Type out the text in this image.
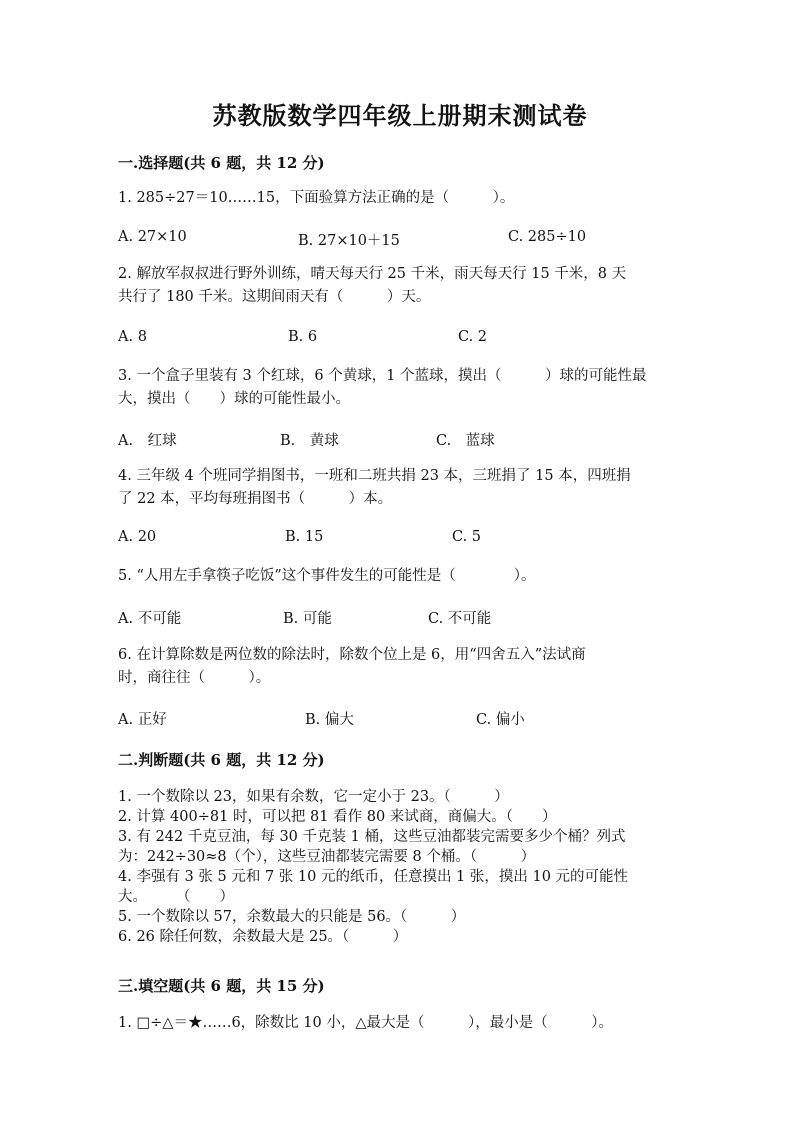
苏教版数学四年级上册期末测试卷
一.选择题(共 6 题，共 12 分)
1. 285÷27＝10……15，下面验算方法正确的是（　　　）。
A. 27×10	B. 27×10＋15	C. 285÷10
2. 解放军叔叔进行野外训练，晴天每天行 25 千米，雨天每天行 15 千米，8 天
共行了 180 千米。这期间雨天有（　　　）天。
A. 8	B. 6	C. 2
3. 一个盒子里装有 3 个红球，6 个黄球，1 个蓝球，摸出（　　　）球的可能性最
大，摸出（　　）球的可能性最小。
A.　红球	B.　黄球	C.　蓝球
4. 三年级 4 个班同学捐图书，一班和二班共捐 23 本，三班捐了 15 本，四班捐
了 22 本，平均每班捐图书（　　　）本。
A. 20	B. 15	C. 5
5. “人用左手拿筷子吃饭”这个事件发生的可能性是（　　　　）。
A. 不可能	B. 可能	C. 不可能
6. 在计算除数是两位数的除法时，除数个位上是 6，用“四舍五入”法试商
时，商往往（　　　）。
A. 正好	B. 偏大	C. 偏小
二.判断题(共 6 题，共 12 分)
1. 一个数除以 23，如果有余数，它一定小于 23。（　　　）
2. 计算 400÷81 时，可以把 81 看作 80 来试商，商偏大。（　　）
3. 有 242 千克豆油，每 30 千克装 1 桶，这些豆油都装完需要多少个桶？列式
为：242÷30≈8（个），这些豆油都装完需要 8 个桶。（　　　）
4. 李强有 3 张 5 元和 7 张 10 元的纸币，任意摸出 1 张，摸出 10 元的可能性
大。　　　（　　）
5. 一个数除以 57，余数最大的只能是 56。（　　　）
6. 26 除任何数，余数最大是 25。（　　　）
三.填空题(共 6 题，共 15 分)
1. □÷△＝★……6，除数比 10 小，△最大是（　　　），最小是（　　　）。
